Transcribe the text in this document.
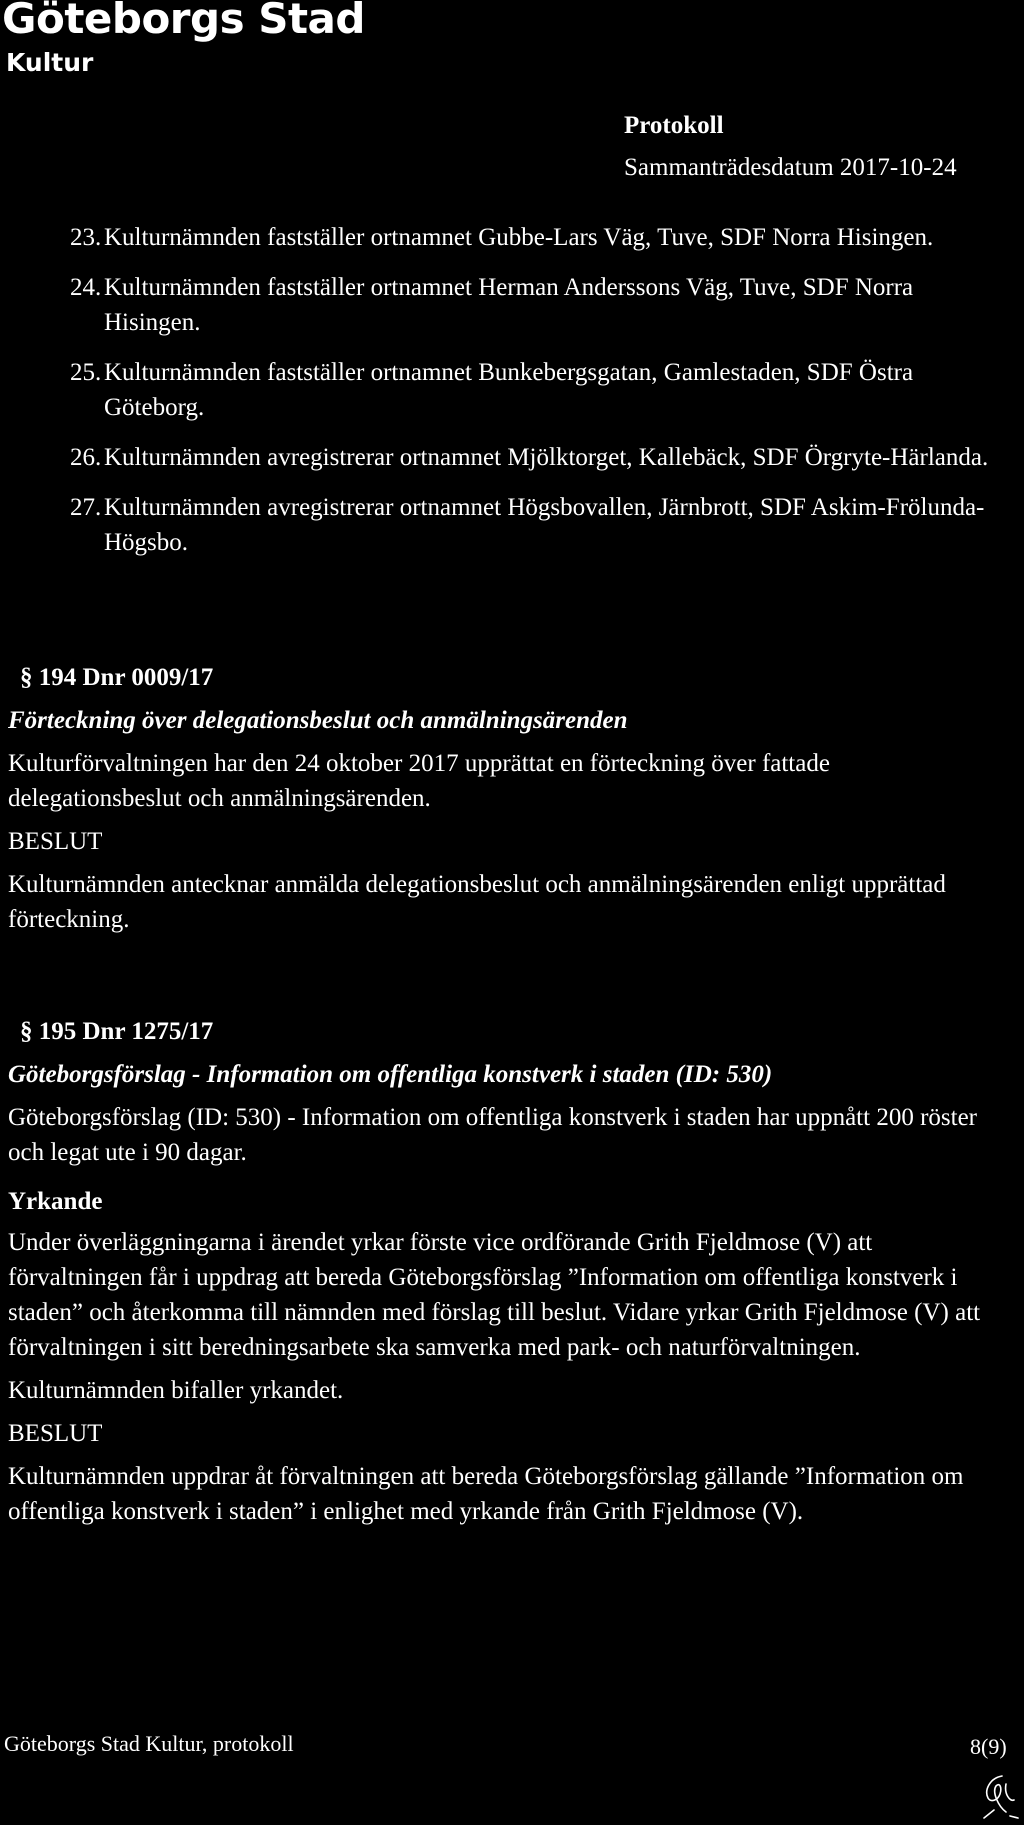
Göteborgs Stad
Kultur
Protokoll
Sammanträdesdatum 2017-10-24
23. Kulturnämnden fastställer ortnamnet Gubbe-Lars Väg, Tuve, SDF Norra Hisingen.
24. Kulturnämnden fastställer ortnamnet Herman Anderssons Väg, Tuve, SDF Norra Hisingen.
25. Kulturnämnden fastställer ortnamnet Bunkebergsgatan, Gamlestaden, SDF Östra Göteborg.
26. Kulturnämnden avregistrerar ortnamnet Mjölktorget, Kallebäck, SDF Örgryte-Härlanda.
27. Kulturnämnden avregistrerar ortnamnet Högsbovallen, Järnbrott, SDF Askim-Frölunda-Högsbo.
§ 194 Dnr 0009/17
Förteckning över delegationsbeslut och anmälningsärenden
Kulturförvaltningen har den 24 oktober 2017 upprättat en förteckning över fattade delegationsbeslut och anmälningsärenden.
BESLUT
Kulturnämnden antecknar anmälda delegationsbeslut och anmälningsärenden enligt upprättad förteckning.
§ 195 Dnr 1275/17
Göteborgsförslag - Information om offentliga konstverk i staden (ID: 530)
Göteborgsförslag (ID: 530) - Information om offentliga konstverk i staden har uppnått 200 röster och legat ute i 90 dagar.
Yrkande
Under överläggningarna i ärendet yrkar förste vice ordförande Grith Fjeldmose (V) att förvaltningen får i uppdrag att bereda Göteborgsförslag ”Information om offentliga konstverk i staden” och återkomma till nämnden med förslag till beslut. Vidare yrkar Grith Fjeldmose (V) att förvaltningen i sitt beredningsarbete ska samverka med park- och naturförvaltningen.
Kulturnämnden bifaller yrkandet.
BESLUT
Kulturnämnden uppdrar åt förvaltningen att bereda Göteborgsförslag gällande ”Information om offentliga konstverk i staden” i enlighet med yrkande från Grith Fjeldmose (V).
Göteborgs Stad Kultur, protokoll	8(9)
